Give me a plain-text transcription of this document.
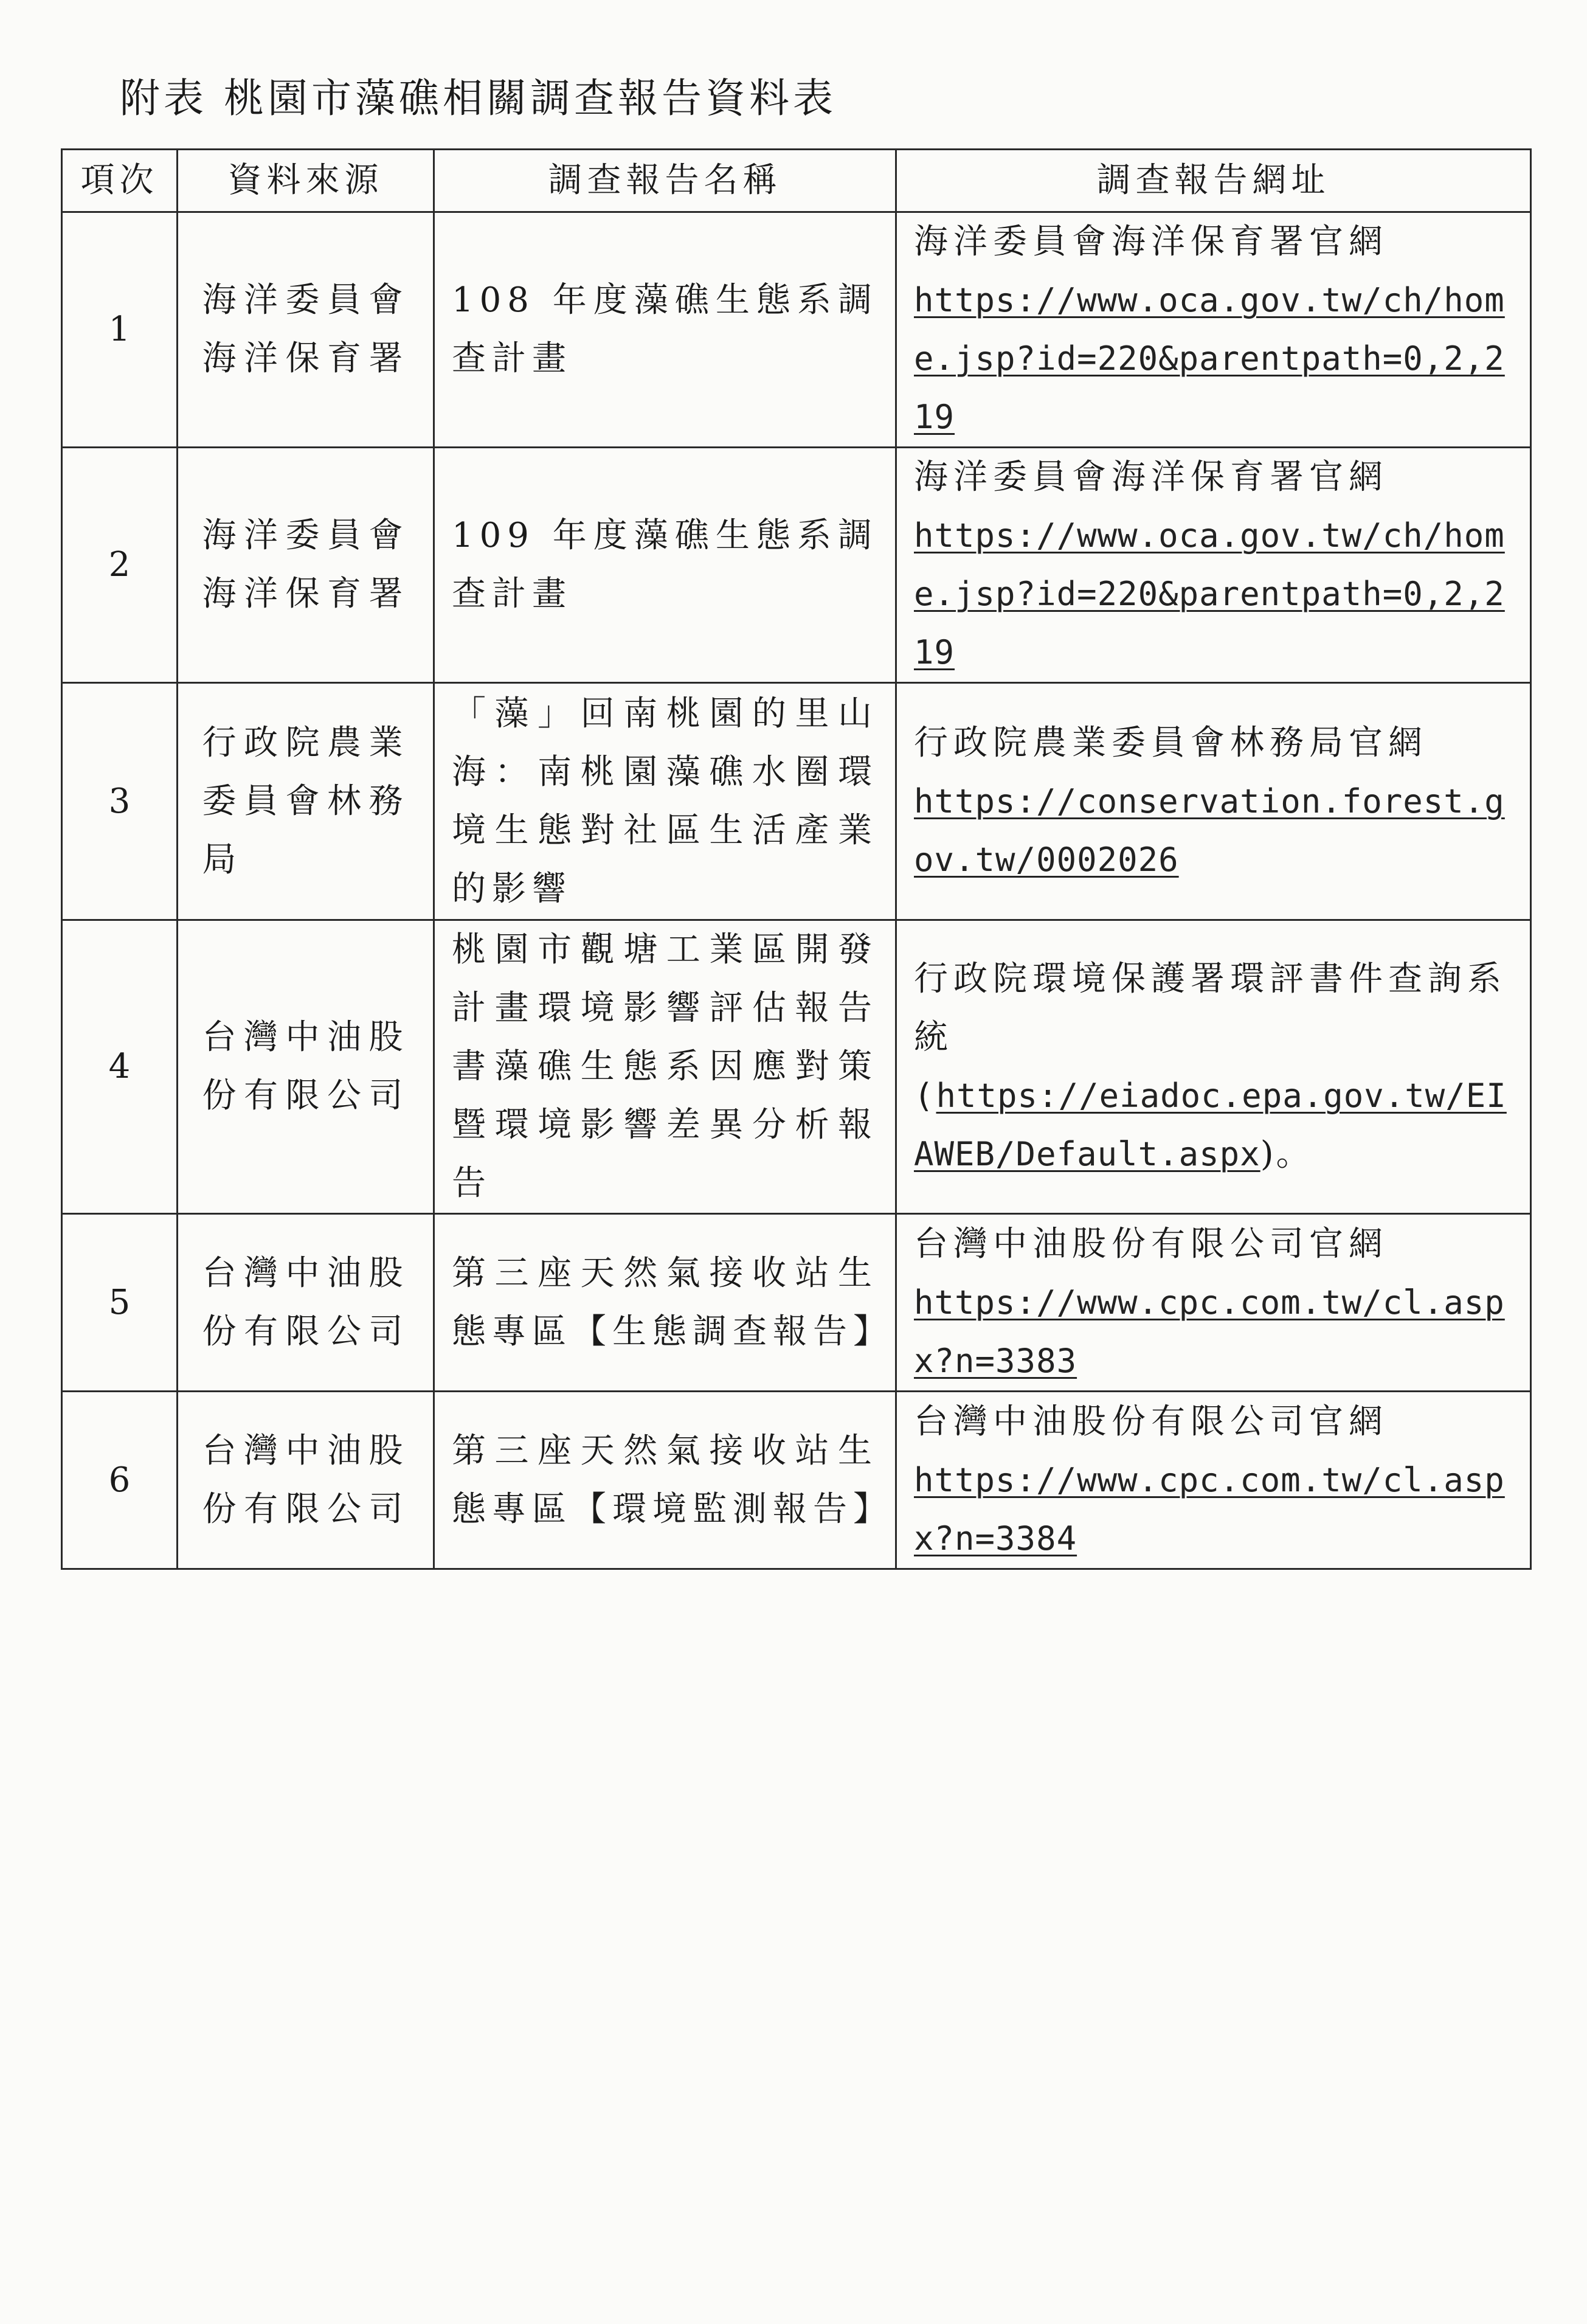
附表 桃園市藻礁相關調查報告資料表
項次	資料來源	調查報告名稱	調查報告網址
1	海洋委員會海洋保育署	108 年度藻礁生態系調查計畫	海洋委員會海洋保育署官網
https://www.oca.gov.tw/ch/home.jsp?id=220&parentpath=0,2,219

2	海洋委員會海洋保育署	109 年度藻礁生態系調查計畫	海洋委員會海洋保育署官網
https://www.oca.gov.tw/ch/home.jsp?id=220&parentpath=0,2,219

3	行政院農業委員會林務局	「藻」回南桃園的里山海：南桃園藻礁水圈環境生態對社區生活產業的影響	行政院農業委員會林務局官網
https://conservation.forest.gov.tw/0002026

4	台灣中油股份有限公司	桃園市觀塘工業區開發計畫環境影響評估報告書藻礁生態系因應對策暨環境影響差異分析報告	行政院環境保護署環評書件查詢系統
(https://eiadoc.epa.gov.tw/EIAWEB/Default.aspx)。
5	台灣中油股份有限公司	第三座天然氣接收站生態專區【生態調查報告】	台灣中油股份有限公司官網
https://www.cpc.com.tw/cl.aspx?n=3383

6	台灣中油股份有限公司	第三座天然氣接收站生態專區【環境監測報告】	台灣中油股份有限公司官網
https://www.cpc.com.tw/cl.aspx?n=3384
